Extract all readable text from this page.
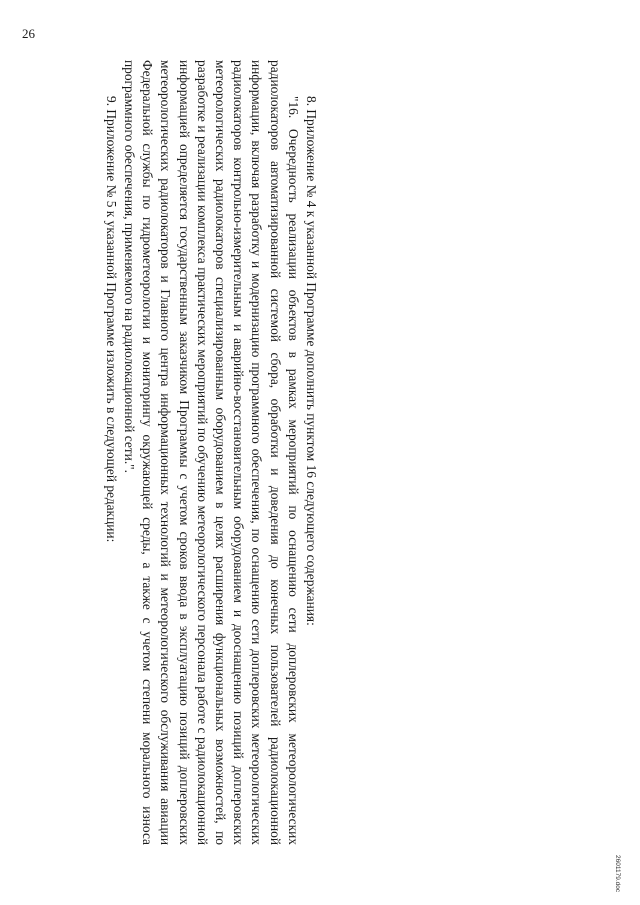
26

8. Приложение № 4 к указанной Программе дополнить пунктом 16 следующего содержания:

"16. Очередность реализации объектов в рамках мероприятий по оснащению сети доплеровских метеорологических радиолокаторов автоматизированной системой сбора, обработки и доведения до конечных пользователей радиолокационной информации, включая разработку и модернизацию программного обеспечения, по оснащению сети доплеровских метеорологических радиолокаторов контрольно-измерительным и аварийно-восстановительным оборудованием и дооснащению позиций доплеровских метеорологических радиолокаторов специализированным оборудованием в целях расширения функциональных возможностей, по разработке и реализации комплекса практических мероприятий по обучению метеорологического персонала работе с радиолокационной информацией определяется государственным заказчиком Программы с учетом сроков ввода в эксплуатацию позиций доплеровских метеорологических радиолокаторов и Главного центра информационных технологий и метеорологического обслуживания авиации Федеральной службы по гидрометеорологии и мониторингу окружающей среды, а также с учетом степени морального износа программного обеспечения, применяемого на радиолокационной сети.".

9. Приложение № 5 к указанной Программе изложить в следующей редакции:

2601179.doc
